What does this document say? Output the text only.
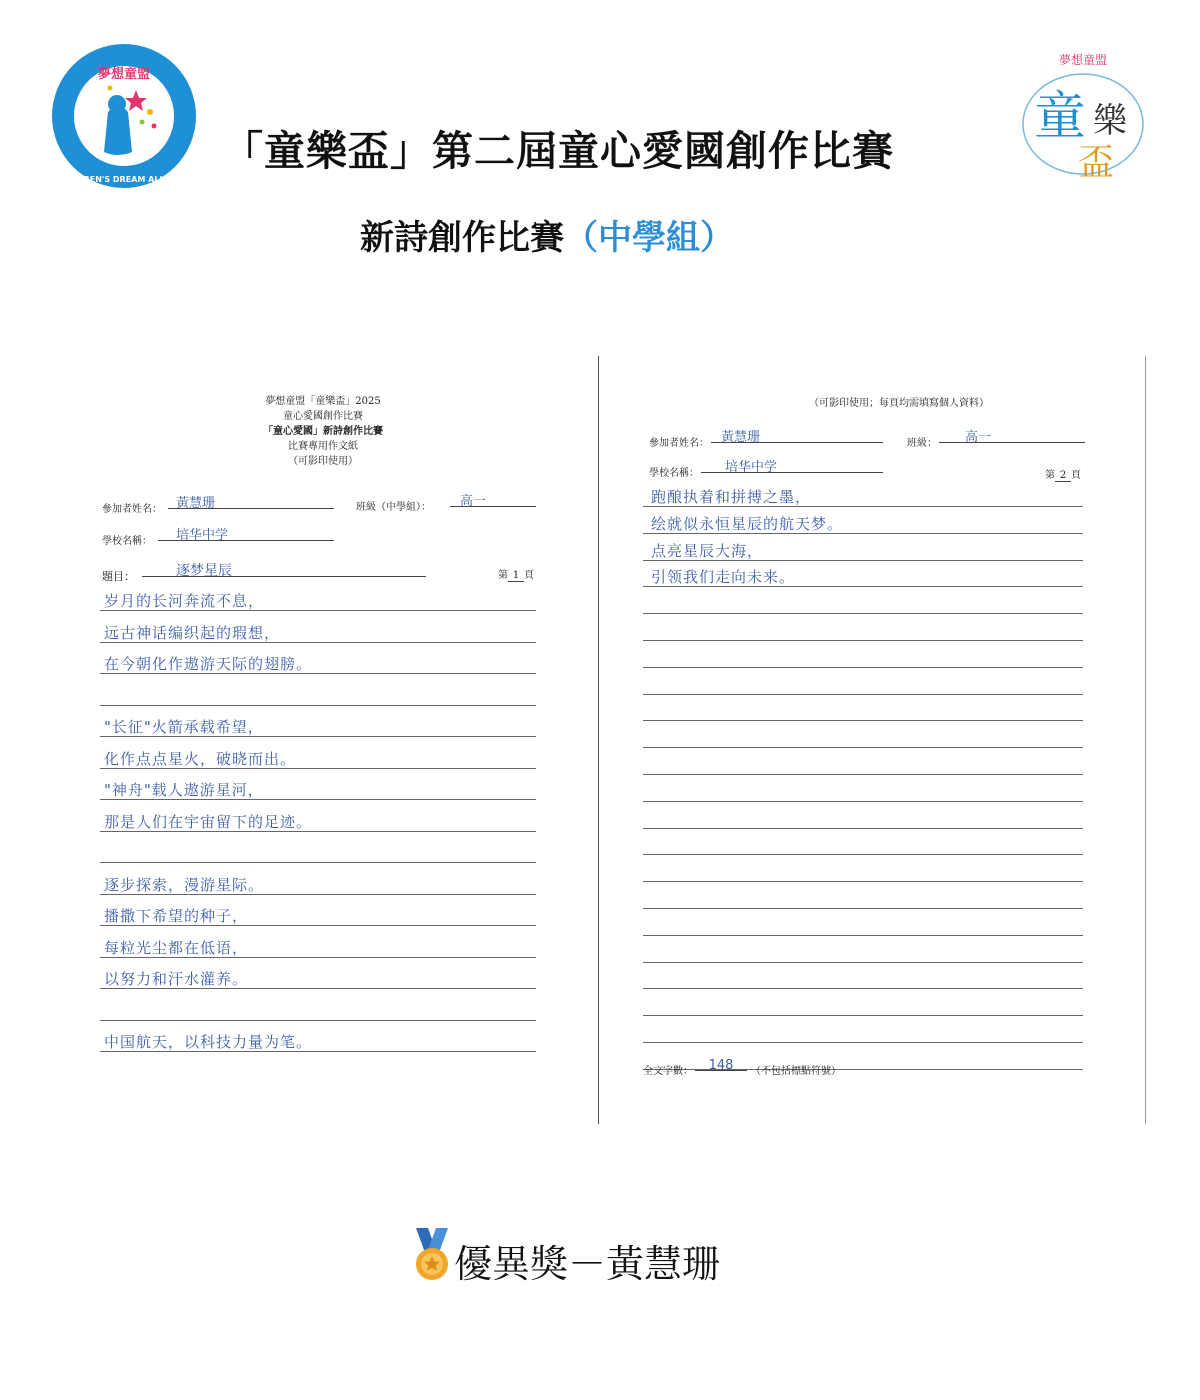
夢想童盟
CHILDREN'S DREAM ALLIANCE
夢想童盟
童 樂
盃
「童樂盃」第二屆童心愛國創作比賽
新詩創作比賽（中學組）
夢想童盟「童樂盃」2025
童心愛國創作比賽
「童心愛國」新詩創作比賽
比賽專用作文紙
（可影印使用）
參加者姓名：	黃慧珊	班級（中學組）：	高一
學校名稱：	培华中学
題目：	逐梦星辰	第 1 頁
岁月的长河奔流不息，
远古神话编织起的瑕想，
在今朝化作遨游天际的翅膀。
"长征"火箭承载希望，
化作点点星火，破晓而出。
"神舟"载人遨游星河，
那是人们在宇宙留下的足迹。
逐步探索，漫游星际。
播撒下希望的种子，
每粒光尘都在低语，
以努力和汗水灌养。
中国航天，以科技力量为笔。
（可影印使用；每頁均需填寫個人資料）
參加者姓名： 黃慧珊	班級：	高一
學校名稱：	培华中学
第 2 頁
跑酿执着和拼搏之墨，
绘就似永恒星辰的航天梦。
点亮星辰大海，
引领我们走向未来。
全文字數：	148	（不包括標點符號）
優異獎－黃慧珊
